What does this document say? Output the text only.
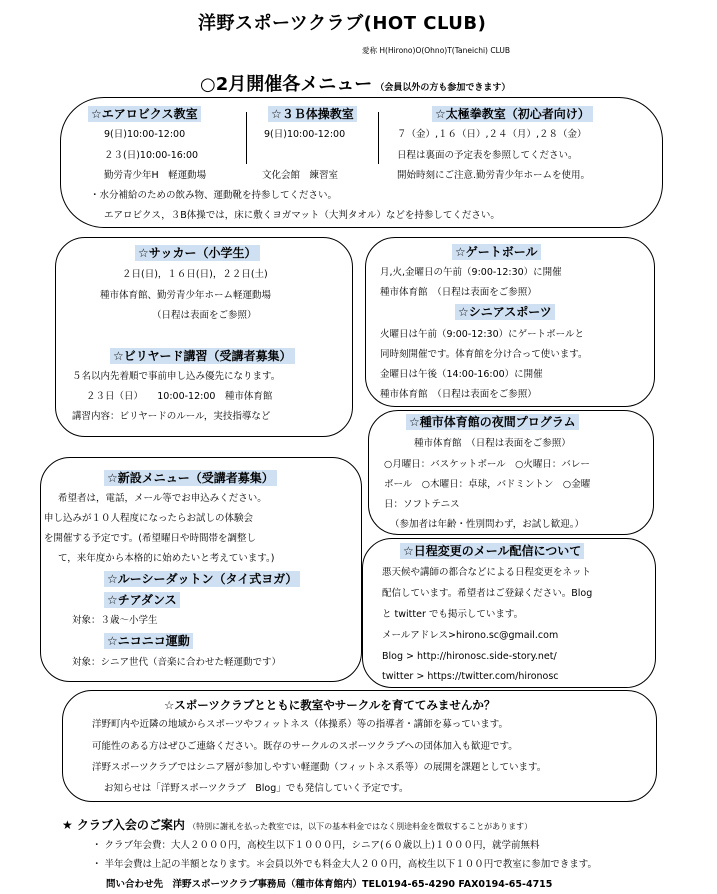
洋野スポーツクラブ(HOT CLUB)
愛称 H(Hirono)O(Ohno)T(Taneichi) CLUB
○2月開催各メニュー （会員以外の方も参加できます）
☆エアロビクス教室
9(日)10:00-12:00
２３(日)10:00-16:00
勤労青少年H　軽運動場
☆３Ｂ体操教室
9(日)10:00-12:00
文化会館　練習室
☆太極拳教室（初心者向け）
７（金）,１６（日）,２４（月）,２８（金）
日程は裏面の予定表を参照してください。
開始時刻にご注意.勤労青少年ホームを使用。
・水分補給のための飲み物、運動靴を持参してください。
エアロビクス，３B体操では，床に敷くヨガマット（大判タオル）などを持参してください。
☆サッカー（小学生）
２日(日)，１６日(日)，２２日(土)
種市体育館、勤労青少年ホーム軽運動場
（日程は表面をご参照）
☆ビリヤード講習（受講者募集）
５名以内先着順で事前申し込み優先になります。
２３日（日）　　10:00-12:00　種市体育館
講習内容：ビリヤードのルール，実技指導など
☆ゲートボール
月,火,金曜日の午前（9:00-12:30）に開催
種市体育館　（日程は表面をご参照）
☆シニアスポーツ
火曜日は午前（9:00-12:30）にゲートボールと
同時刻開催です。体育館を分け合って使います。
金曜日は午後（14:00-16:00）に開催
種市体育館　（日程は表面をご参照）
☆種市体育館の夜間プログラム
種市体育館　（日程は表面をご参照）
○月曜日：バスケットボール　○火曜日：バレー
ボール　○木曜日：卓球，バドミントン　○金曜
日：ソフトテニス
（参加者は年齢・性別問わず，お試し歓迎。）
☆新設メニュー（受講者募集）
希望者は，電話，メール等でお申込みください。
申し込みが１０人程度になったらお試しの体験会
を開催する予定です。(希望曜日や時間帯を調整し
て，来年度から本格的に始めたいと考えています。)
☆ルーシーダットン（タイ式ヨガ）
☆チアダンス
対象：３歳～小学生
☆ニコニコ運動
対象：シニア世代（音楽に合わせた軽運動です）
☆日程変更のメール配信について
悪天候や講師の都合などによる日程変更をネット
配信しています。希望者はご登録ください。Blog
と twitter でも掲示しています。
メールアドレス>hirono.sc@gmail.com
Blog > http://hironosc.side-story.net/
twitter > https://twitter.com/hironosc
☆スポーツクラブとともに教室やサークルを育ててみませんか？
洋野町内や近隣の地域からスポーツやフィットネス（体操系）等の指導者・講師を募っています。
可能性のある方はぜひご連絡ください。既存のサークルのスポーツクラブへの団体加入も歓迎です。
洋野スポーツクラブではシニア層が参加しやすい軽運動（フィットネス系等）の展開を課題としています。
お知らせは「洋野スポーツクラブ　Blog」でも発信していく予定です。
★ クラブ入会のご案内 （特別に謝礼を払った教室では，以下の基本料金ではなく別途料金を徴収することがあります）
・ クラブ年会費：大人２０００円，高校生以下１０００円，シニア(６０歳以上)１０００円，就学前無料
・ 半年会費は上記の半額となります。＊会員以外でも料金大人２００円，高校生以下１００円で教室に参加できます。
問い合わせ先　洋野スポーツクラブ事務局（種市体育館内）TEL0194-65-4290 FAX0194-65-4715
